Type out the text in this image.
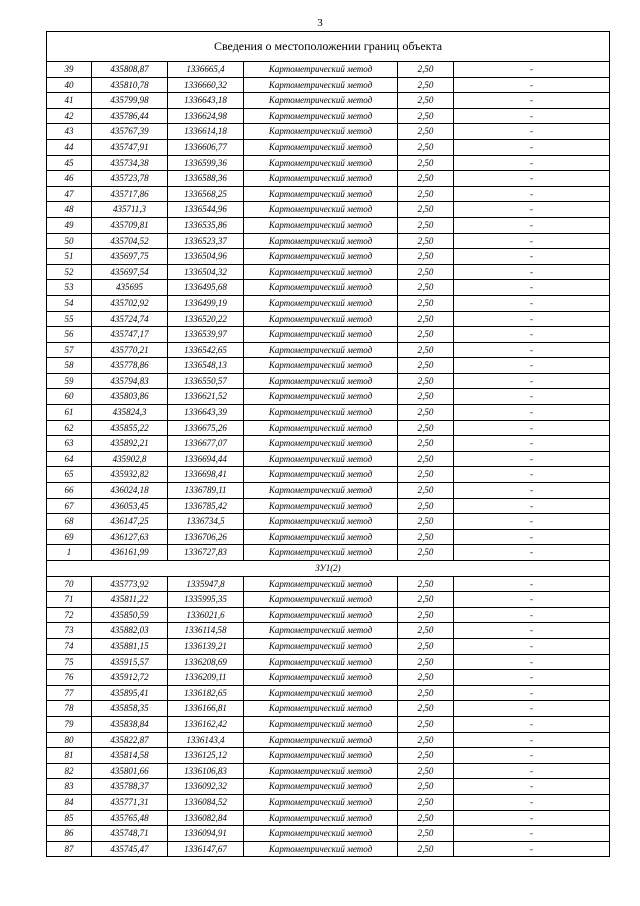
3
Сведения о местоположении границ объекта					
39	435808,87	1336665,4	Картометрический метод	2,50	-
40	435810,78	1336660,32	Картометрический метод	2,50	-
41	435799,98	1336643,18	Картометрический метод	2,50	-
42	435786,44	1336624,98	Картометрический метод	2,50	-
43	435767,39	1336614,18	Картометрический метод	2,50	-
44	435747,91	1336606,77	Картометрический метод	2,50	-
45	435734,38	1336599,36	Картометрический метод	2,50	-
46	435723,78	1336588,36	Картометрический метод	2,50	-
47	435717,86	1336568,25	Картометрический метод	2,50	-
48	435711,3	1336544,96	Картометрический метод	2,50	-
49	435709,81	1336535,86	Картометрический метод	2,50	-
50	435704,52	1336523,37	Картометрический метод	2,50	-
51	435697,75	1336504,96	Картометрический метод	2,50	-
52	435697,54	1336504,32	Картометрический метод	2,50	-
53	435695	1336495,68	Картометрический метод	2,50	-
54	435702,92	1336499,19	Картометрический метод	2,50	-
55	435724,74	1336520,22	Картометрический метод	2,50	-
56	435747,17	1336539,97	Картометрический метод	2,50	-
57	435770,21	1336542,65	Картометрический метод	2,50	-
58	435778,86	1336548,13	Картометрический метод	2,50	-
59	435794,83	1336550,57	Картометрический метод	2,50	-
60	435803,86	1336621,52	Картометрический метод	2,50	-
61	435824,3	1336643,39	Картометрический метод	2,50	-
62	435855,22	1336675,26	Картометрический метод	2,50	-
63	435892,21	1336677,07	Картометрический метод	2,50	-
64	435902,8	1336694,44	Картометрический метод	2,50	-
65	435932,82	1336698,41	Картометрический метод	2,50	-
66	436024,18	1336789,11	Картометрический метод	2,50	-
67	436053,45	1336785,42	Картометрический метод	2,50	-
68	436147,25	1336734,5	Картометрический метод	2,50	-
69	436127,63	1336706,26	Картометрический метод	2,50	-
1	436161,99	1336727,83	Картометрический метод	2,50	-
ЗУ1(2)					
70	435773,92	1335947,8	Картометрический метод	2,50	-
71	435811,22	1335995,35	Картометрический метод	2,50	-
72	435850,59	1336021,6	Картометрический метод	2,50	-
73	435882,03	1336114,58	Картометрический метод	2,50	-
74	435881,15	1336139,21	Картометрический метод	2,50	-
75	435915,57	1336208,69	Картометрический метод	2,50	-
76	435912,72	1336209,11	Картометрический метод	2,50	-
77	435895,41	1336182,65	Картометрический метод	2,50	-
78	435858,35	1336166,81	Картометрический метод	2,50	-
79	435838,84	1336162,42	Картометрический метод	2,50	-
80	435822,87	1336143,4	Картометрический метод	2,50	-
81	435814,58	1336125,12	Картометрический метод	2,50	-
82	435801,66	1336106,83	Картометрический метод	2,50	-
83	435788,37	1336092,32	Картометрический метод	2,50	-
84	435771,31	1336084,52	Картометрический метод	2,50	-
85	435765,48	1336082,84	Картометрический метод	2,50	-
86	435748,71	1336094,91	Картометрический метод	2,50	-
87	435745,47	1336147,67	Картометрический метод	2,50	-
